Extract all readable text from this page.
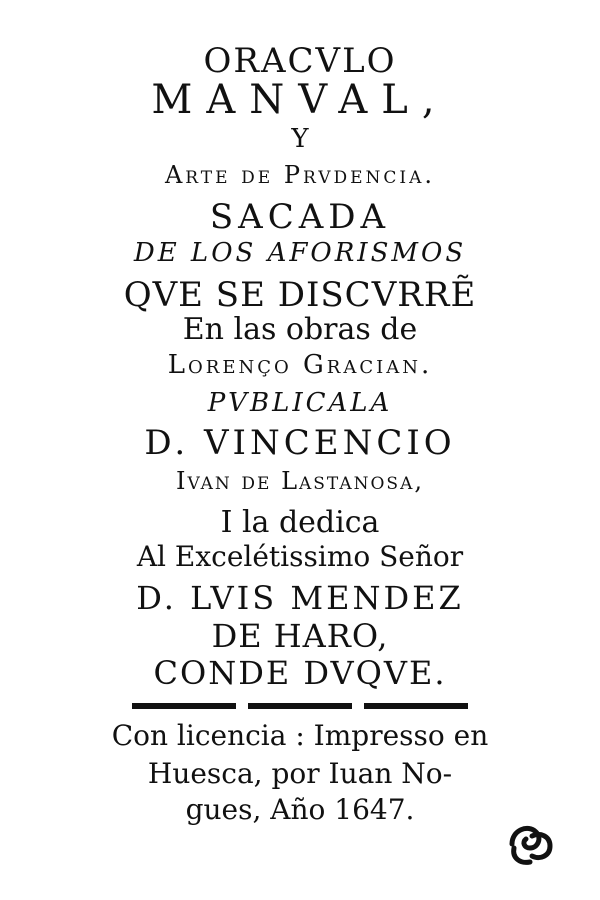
ORACVLO
MANVAL,
Y
Arte de Prvdencia.
SACADA
DE LOS AFORISMOS
QVE SE DISCVRRẼ
En las obras de
Lorenço Gracian.
PVBLICALA
D. VINCENCIO
Ivan de Lastanosa,
I la dedica
Al Excelétissimo Señor
D. LVIS MENDEZ
DE HARO,
CONDE DVQVE.
Con licencia : Impresso en
Huesca, por Iuan No-
gues, Año 1647.
